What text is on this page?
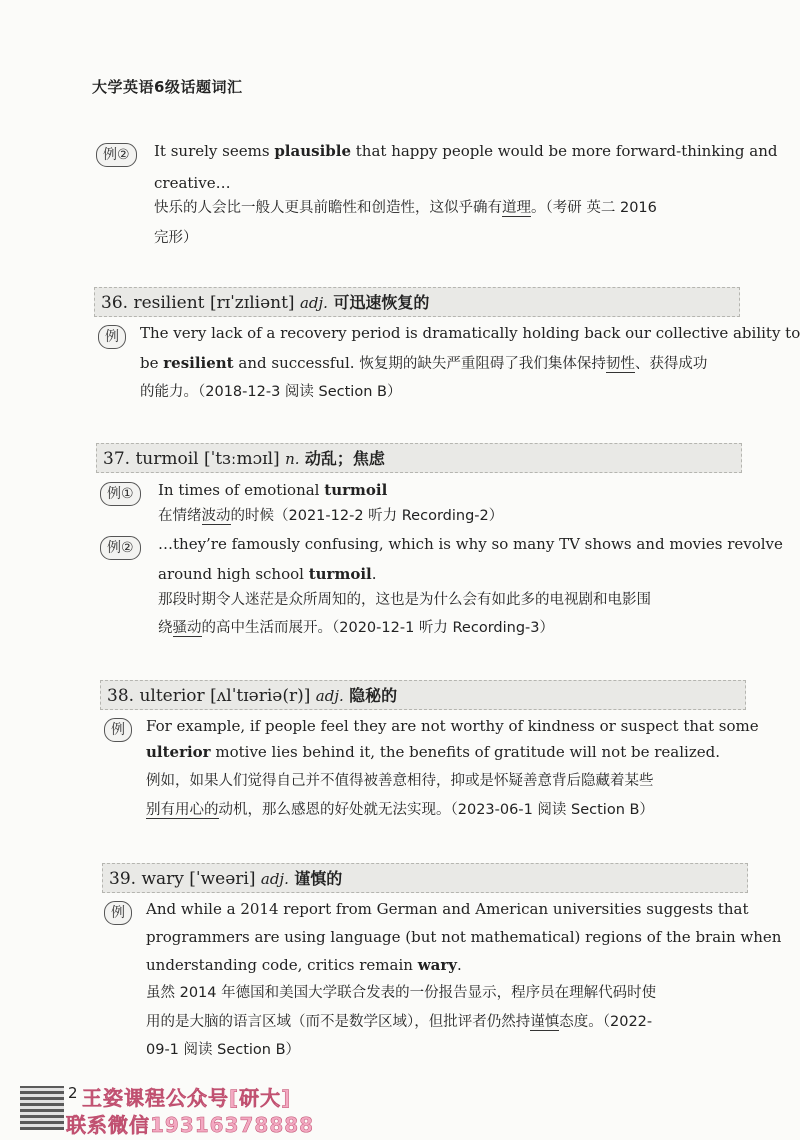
大学英语6级话题词汇
例②	It surely seems plausible that happy people would be more forward-thinking and
creative…
快乐的人会比一般人更具前瞻性和创造性，这似乎确有道理。（考研 英二 2016
完形）
36. resilient [rɪˈzɪliənt] adj. 可迅速恢复的
例	The very lack of a recovery period is dramatically holding back our collective ability to
be resilient and successful. 恢复期的缺失严重阻碍了我们集体保持韧性、获得成功
的能力。（2018-12-3 阅读 Section B）
37. turmoil [ˈtɜːmɔɪl] n. 动乱；焦虑
例①	In times of emotional turmoil
在情绪波动的时候（2021-12-2 听力 Recording-2）
例②	…they’re famously confusing, which is why so many TV shows and movies revolve
around high school turmoil.
那段时期令人迷茫是众所周知的，这也是为什么会有如此多的电视剧和电影围
绕骚动的高中生活而展开。（2020-12-1 听力 Recording-3）
38. ulterior [ʌlˈtɪəriə(r)] adj. 隐秘的
例	For example, if people feel they are not worthy of kindness or suspect that some
ulterior motive lies behind it, the benefits of gratitude will not be realized.
例如，如果人们觉得自己并不值得被善意相待，抑或是怀疑善意背后隐藏着某些
别有用心的动机，那么感恩的好处就无法实现。（2023-06-1 阅读 Section B）
39. wary [ˈweəri] adj. 谨慎的
例	And while a 2014 report from German and American universities suggests that
programmers are using language (but not mathematical) regions of the brain when
understanding code, critics remain wary.
虽然 2014 年德国和美国大学联合发表的一份报告显示，程序员在理解代码时使
用的是大脑的语言区域（而不是数学区域），但批评者仍然持谨慎态度。（2022-
09-1 阅读 Section B）
2 王姿课程公众号[研大]
联系微信19316378888
